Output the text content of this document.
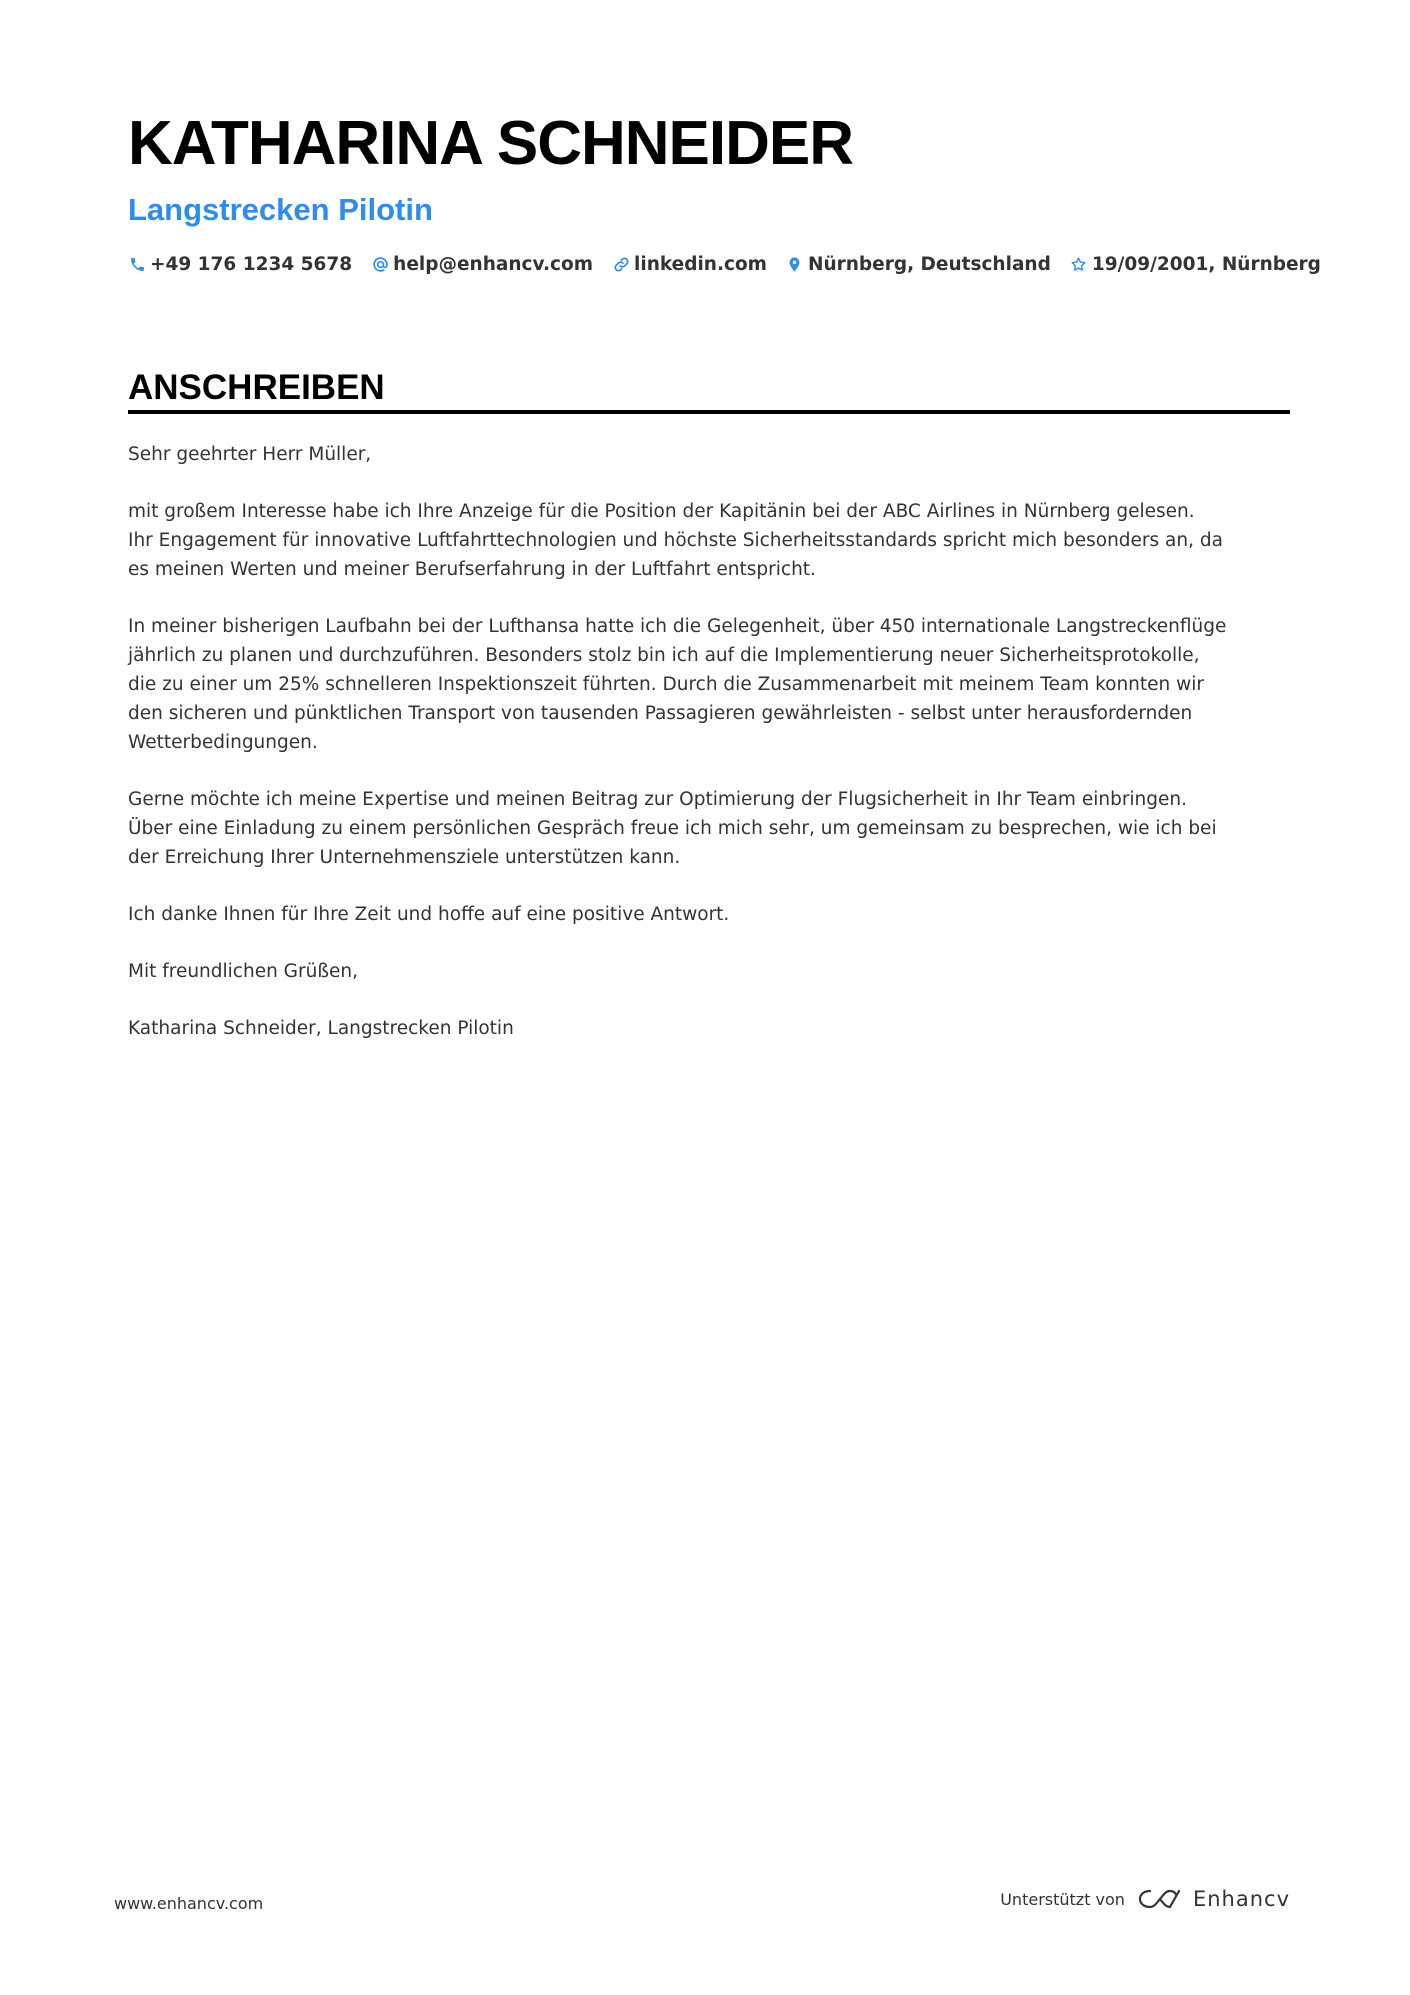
KATHARINA SCHNEIDER
Langstrecken Pilotin
+49 176 1234 5678 help@enhancv.com linkedin.com Nürnberg, Deutschland 19/09/2001, Nürnberg
ANSCHREIBEN

Sehr geehrter Herr Müller,

mit großem Interesse habe ich Ihre Anzeige für die Position der Kapitänin bei der ABC Airlines in Nürnberg gelesen.
Ihr Engagement für innovative Luftfahrttechnologien und höchste Sicherheitsstandards spricht mich besonders an, da
es meinen Werten und meiner Berufserfahrung in der Luftfahrt entspricht.

In meiner bisherigen Laufbahn bei der Lufthansa hatte ich die Gelegenheit, über 450 internationale Langstreckenflüge
jährlich zu planen und durchzuführen. Besonders stolz bin ich auf die Implementierung neuer Sicherheitsprotokolle,
die zu einer um 25% schnelleren Inspektionszeit führten. Durch die Zusammenarbeit mit meinem Team konnten wir
den sicheren und pünktlichen Transport von tausenden Passagieren gewährleisten - selbst unter herausfordernden
Wetterbedingungen.

Gerne möchte ich meine Expertise und meinen Beitrag zur Optimierung der Flugsicherheit in Ihr Team einbringen.
Über eine Einladung zu einem persönlichen Gespräch freue ich mich sehr, um gemeinsam zu besprechen, wie ich bei
der Erreichung Ihrer Unternehmensziele unterstützen kann.

Ich danke Ihnen für Ihre Zeit und hoffe auf eine positive Antwort.

Mit freundlichen Grüßen,

Katharina Schneider, Langstrecken Pilotin

www.enhancv.com	Unterstützt von	Enhancv
